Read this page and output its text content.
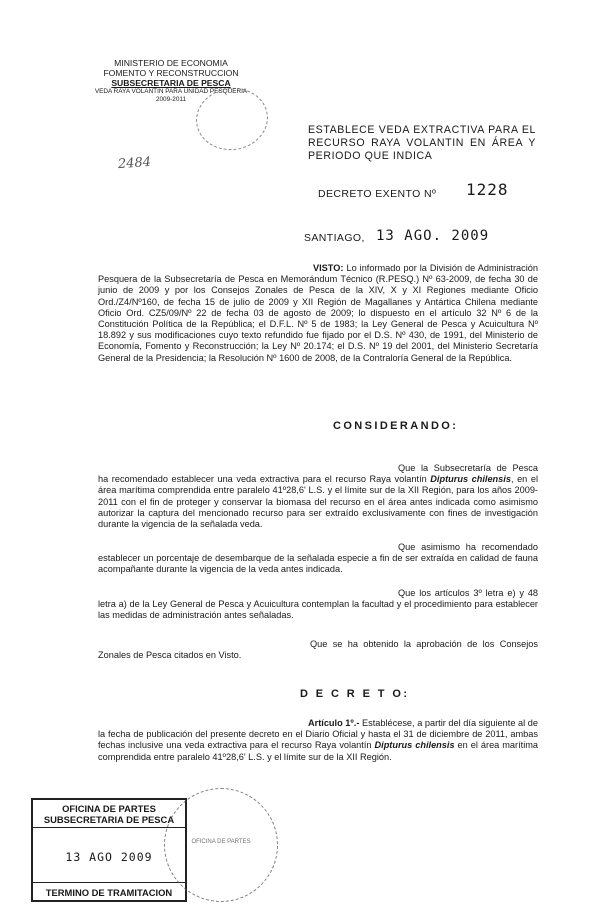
MINISTERIO DE ECONOMIA
FOMENTO Y RECONSTRUCCION
SUBSECRETARIA DE PESCA
VEDA RAYA VOLANTIN PARA UNIDAD PESQUERIA
2009-2011
2484
ESTABLECE VEDA EXTRACTIVA PARA EL RECURSO RAYA VOLANTIN EN ÁREA Y PERIODO QUE INDICA
DECRETO EXENTO Nº 1228
SANTIAGO, 13 AGO. 2009
VISTO: Lo informado por la División de Administración Pesquera de la Subsecretaría de Pesca en Memorándum Técnico (R.PESQ.) Nº 63-2009, de fecha 30 de junio de 2009 y por los Consejos Zonales de Pesca de la XIV, X y XI Regiones mediante Oficio Ord./Z4/Nº160, de fecha 15 de julio de 2009 y XII Región de Magallanes y Antártica Chilena mediante Oficio Ord. CZ5/09/Nº 22 de fecha 03 de agosto de 2009; lo dispuesto en el artículo 32 Nº 6 de la Constitución Política de la República; el D.F.L. Nº 5 de 1983; la Ley General de Pesca y Acuicultura Nº 18.892 y sus modificaciones cuyo texto refundido fue fijado por el D.S. Nº 430, de 1991, del Ministerio de Economía, Fomento y Reconstrucción; la Ley Nº 20.174; el D.S. Nº 19 del 2001, del Ministerio Secretaría General de la Presidencia; la Resolución Nº 1600 de 2008, de la Contraloría General de la República.
CONSIDERANDO:
Que la Subsecretaría de Pesca ha recomendado establecer una veda extractiva para el recurso Raya volantín Dipturus chilensis, en el área marítima comprendida entre paralelo 41º28,6' L.S. y el límite sur de la XII Región, para los años 2009-2011 con el fin de proteger y conservar la biomasa del recurso en el área antes indicada como asimismo autorizar la captura del mencionado recurso para ser extraído exclusivamente con fines de investigación durante la vigencia de la señalada veda.
Que asimismo ha recomendado establecer un porcentaje de desembarque de la señalada especie a fin de ser extraída en calidad de fauna acompañante durante la vigencia de la veda antes indicada.
Que los artículos 3º letra e) y 48 letra a) de la Ley General de Pesca y Acuicultura contemplan la facultad y el procedimiento para establecer las medidas de administración antes señaladas.
Que se ha obtenido la aprobación de los Consejos Zonales de Pesca citados en Visto.
D E C R E T O:
Artículo 1º.- Establécese, a partir del día siguiente al de la fecha de publicación del presente decreto en el Diario Oficial y hasta el 31 de diciembre de 2011, ambas fechas inclusive una veda extractiva para el recurso Raya volantín Dipturus chilensis en el área marítima comprendida entre paralelo 41º28,6' L.S. y el límite sur de la XII Región.
OFICINA DE PARTES
SUBSECRETARIA DE PESCA
13 AGO 2009
TERMINO DE TRAMITACION
OFICINA DE PARTES
